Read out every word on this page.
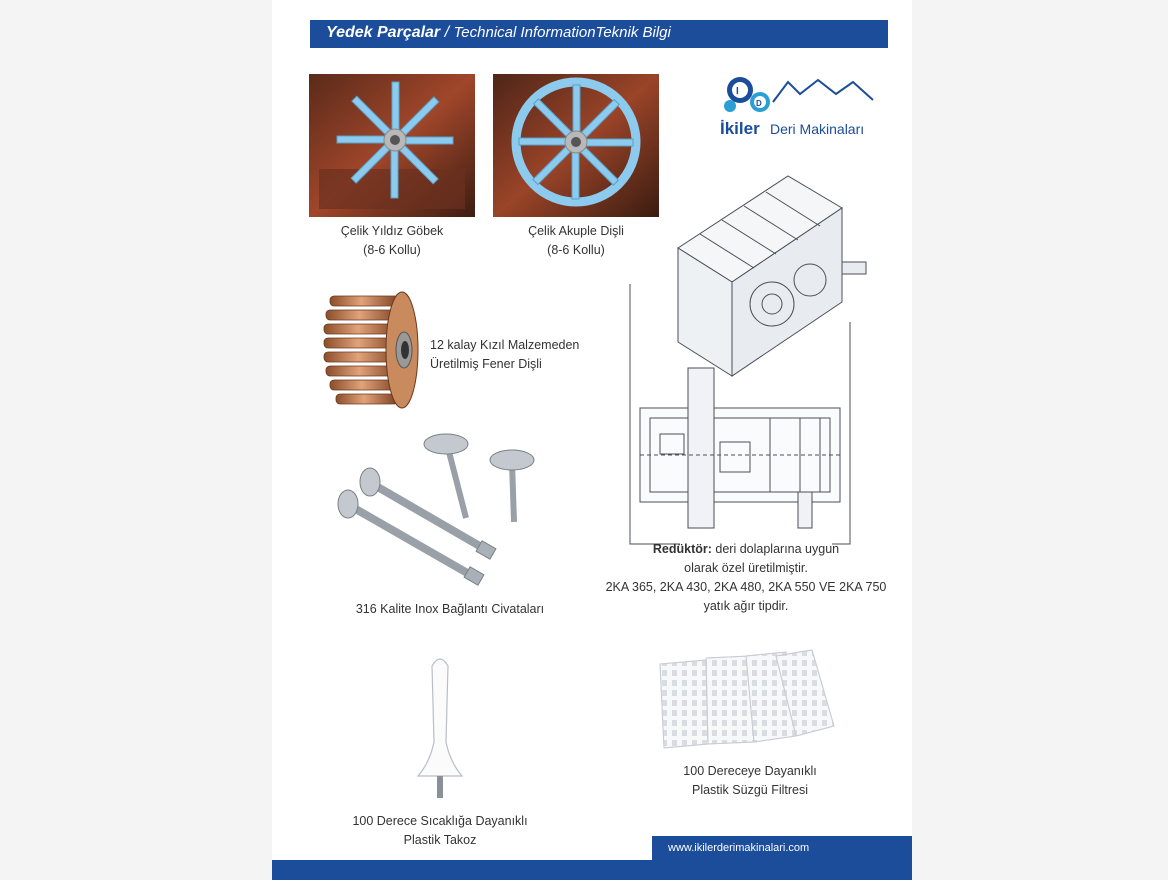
Yedek Parçalar / Technical InformationTeknik Bilgi
I
D
İkiler Deri Makinaları
Çelik Yıldız Göbek
(8-6 Kollu)
Çelik Akuple Dişli
(8-6 Kollu)
12 kalay Kızıl Malzemeden
Üretilmiş Fener Dişli
316 Kalite Inox Bağlantı Civataları
Redüktör: deri dolaplarına uygun
olarak özel üretilmiştir.
2KA 365, 2KA 430, 2KA 480, 2KA 550 VE 2KA 750
yatık ağır tipdir.
100 Derece Sıcaklığa Dayanıklı
Plastik Takoz
100 Dereceye Dayanıklı
Plastik Süzgü Filtresi
www.ikilerderimakinalari.com
